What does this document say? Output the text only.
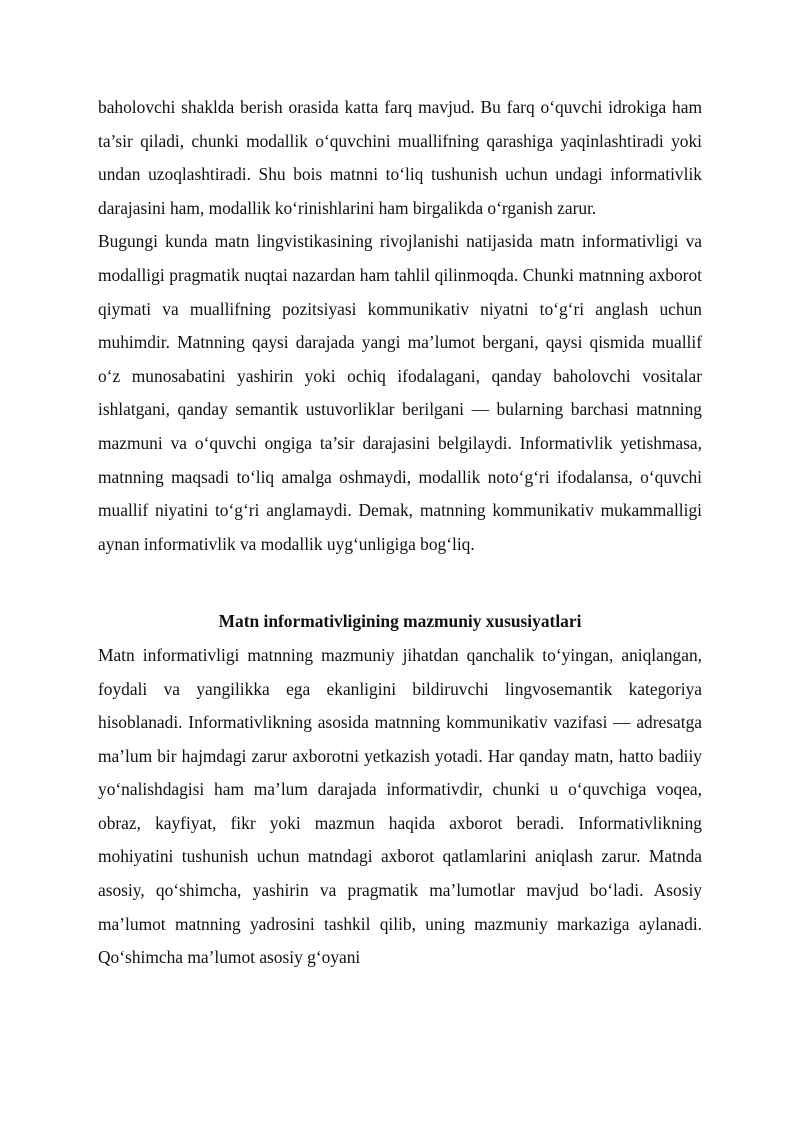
baholovchi shaklda berish orasida katta farq mavjud. Bu farq o‘quvchi idrokiga ham ta’sir qiladi, chunki modallik o‘quvchini muallifning qarashiga yaqinlashtiradi yoki undan uzoqlashtiradi. Shu bois matnni to‘liq tushunish uchun undagi informativlik darajasini ham, modallik ko‘rinishlarini ham birgalikda o‘rganish zarur.

Bugungi kunda matn lingvistikasining rivojlanishi natijasida matn informativligi va modalligi pragmatik nuqtai nazardan ham tahlil qilinmoqda. Chunki matnning axborot qiymati va muallifning pozitsiyasi kommunikativ niyatni to‘g‘ri anglash uchun muhimdir. Matnning qaysi darajada yangi ma’lumot bergani, qaysi qismida muallif o‘z munosabatini yashirin yoki ochiq ifodalagani, qanday baholovchi vositalar ishlatgani, qanday semantik ustuvorliklar berilgani — bularning barchasi matnning mazmuni va o‘quvchi ongiga ta’sir darajasini belgilaydi. Informativlik yetishmasa, matnning maqsadi to‘liq amalga oshmaydi, modallik noto‘g‘ri ifodalansa, o‘quvchi muallif niyatini to‘g‘ri anglamaydi. Demak, matnning kommunikativ mukammalligi aynan informativlik va modallik uyg‘unligiga bog‘liq.

Matn informativligining mazmuniy xususiyatlari

Matn informativligi matnning mazmuniy jihatdan qanchalik to‘yingan, aniqlangan, foydali va yangilikka ega ekanligini bildiruvchi lingvosemantik kategoriya hisoblanadi. Informativlikning asosida matnning kommunikativ vazifasi — adresatga ma’lum bir hajmdagi zarur axborotni yetkazish yotadi. Har qanday matn, hatto badiiy yo‘nalishdagisi ham ma’lum darajada informativdir, chunki u o‘quvchiga voqea, obraz, kayfiyat, fikr yoki mazmun haqida axborot beradi. Informativlikning mohiyatini tushunish uchun matndagi axborot qatlamlarini aniqlash zarur. Matnda asosiy, qo‘shimcha, yashirin va pragmatik ma’lumotlar mavjud bo‘ladi. Asosiy ma’lumot matnning yadrosini tashkil qilib, uning mazmuniy markaziga aylanadi. Qo‘shimcha ma’lumot asosiy g‘oyani
